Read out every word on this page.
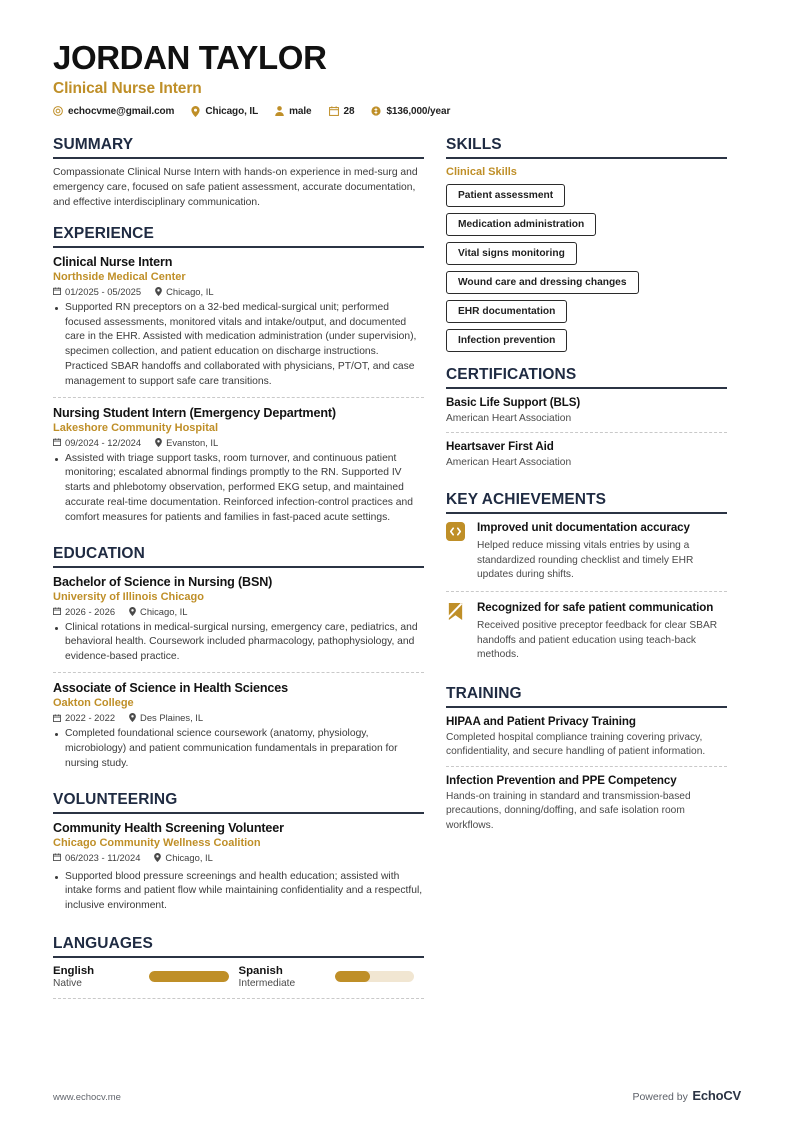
JORDAN TAYLOR
Clinical Nurse Intern
echocvme@gmail.com	Chicago, IL	male	28	$136,000/year
SUMMARY
Compassionate Clinical Nurse Intern with hands-on experience in med-surg and emergency care, focused on safe patient assessment, accurate documentation, and effective interdisciplinary communication.
EXPERIENCE
Clinical Nurse Intern
Northside Medical Center
01/2025 - 05/2025	Chicago, IL
Supported RN preceptors on a 32-bed medical-surgical unit; performed focused assessments, monitored vitals and intake/output, and documented care in the EHR. Assisted with medication administration (under supervision), specimen collection, and patient education on discharge instructions. Practiced SBAR handoffs and collaborated with physicians, PT/OT, and case management to support safe care transitions.
Nursing Student Intern (Emergency Department)
Lakeshore Community Hospital
09/2024 - 12/2024	Evanston, IL
Assisted with triage support tasks, room turnover, and continuous patient monitoring; escalated abnormal findings promptly to the RN. Supported IV starts and phlebotomy observation, performed EKG setup, and maintained accurate real-time documentation. Reinforced infection-control practices and comfort measures for patients and families in fast-paced acute settings.
EDUCATION
Bachelor of Science in Nursing (BSN)
University of Illinois Chicago
2026 - 2026	Chicago, IL
Clinical rotations in medical-surgical nursing, emergency care, pediatrics, and behavioral health. Coursework included pharmacology, pathophysiology, and evidence-based practice.
Associate of Science in Health Sciences
Oakton College
2022 - 2022	Des Plaines, IL
Completed foundational science coursework (anatomy, physiology, microbiology) and patient communication fundamentals in preparation for nursing study.
VOLUNTEERING
Community Health Screening Volunteer
Chicago Community Wellness Coalition
06/2023 - 11/2024	Chicago, IL
Supported blood pressure screenings and health education; assisted with intake forms and patient flow while maintaining confidentiality and a respectful, inclusive environment.
LANGUAGES
English
Native
Spanish
Intermediate
SKILLS
Clinical Skills
Patient assessment
Medication administration
Vital signs monitoring
Wound care and dressing changes
EHR documentation
Infection prevention
CERTIFICATIONS
Basic Life Support (BLS)
American Heart Association
Heartsaver First Aid
American Heart Association
KEY ACHIEVEMENTS
Improved unit documentation accuracy
Helped reduce missing vitals entries by using a standardized rounding checklist and timely EHR updates during shifts.
Recognized for safe patient communication
Received positive preceptor feedback for clear SBAR handoffs and patient education using teach-back methods.
TRAINING
HIPAA and Patient Privacy Training
Completed hospital compliance training covering privacy, confidentiality, and secure handling of patient information.
Infection Prevention and PPE Competency
Hands-on training in standard and transmission-based precautions, donning/doffing, and safe isolation room workflows.
www.echocv.me	Powered by EchoCV
